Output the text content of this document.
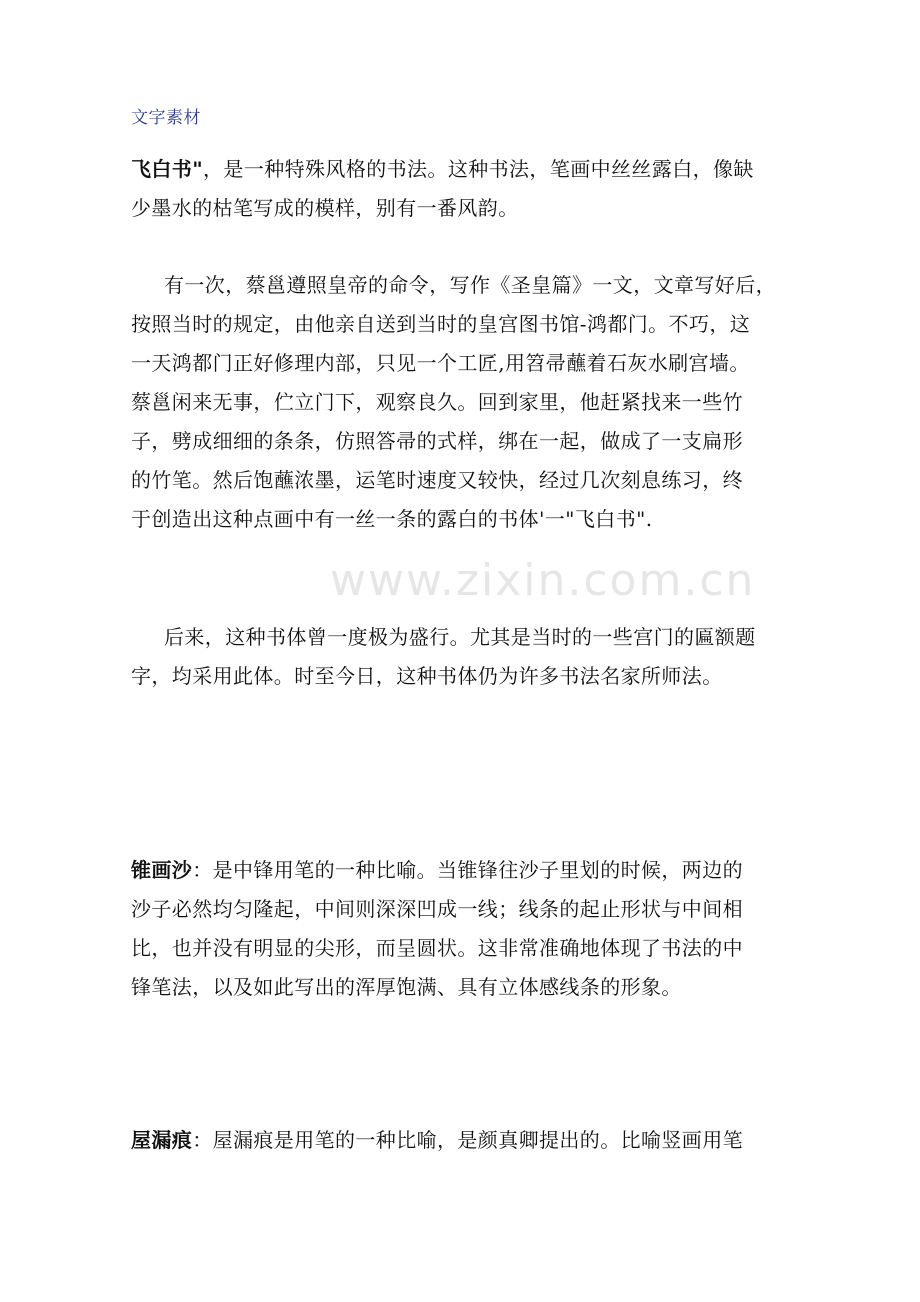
文字素材
飞白书"，是一种特殊风格的书法。这种书法，笔画中丝丝露白，像缺
少墨水的枯笔写成的模样，别有一番风韵。
有一次，蔡邕遵照皇帝的命令，写作《圣皇篇》一文，文章写好后，
按照当时的规定，由他亲自送到当时的皇宫图书馆-鸿都门。不巧，这
一天鸿都门正好修理内部，只见一个工匠,用笤帚蘸着石灰水刷宫墙。
蔡邕闲来无事，伫立门下，观察良久。回到家里，他赶紧找来一些竹
子，劈成细细的条条，仿照答帚的式样，绑在一起，做成了一支扁形
的竹笔。然后饱蘸浓墨，运笔时速度又较快，经过几次刻息练习，终
于创造出这种点画中有一丝一条的露白的书体'一"飞白书".
后来，这种书体曾一度极为盛行。尤其是当时的一些宫门的匾额题
字，均采用此体。时至今日，这种书体仍为许多书法名家所师法。
锥画沙：是中锋用笔的一种比喻。当锥锋往沙子里划的时候，两边的
沙子必然均匀隆起，中间则深深凹成一线；线条的起止形状与中间相
比，也并没有明显的尖形，而呈圆状。这非常准确地体现了书法的中
锋笔法，以及如此写出的浑厚饱满、具有立体感线条的形象。
屋漏痕：屋漏痕是用笔的一种比喻，是颜真卿提出的。比喻竖画用笔
www.zixin.com.cn
